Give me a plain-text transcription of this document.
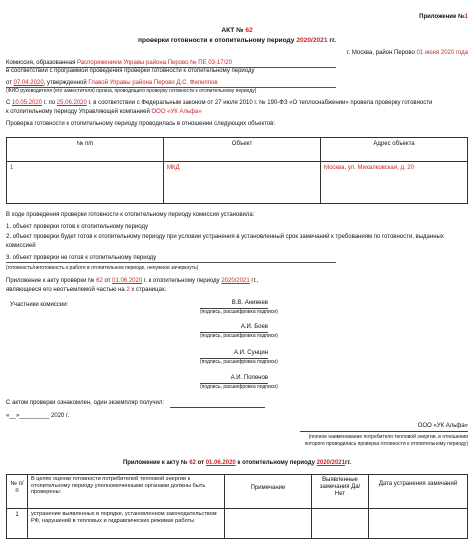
Приложение №1
АКТ № 62
проверки готовности к отопительному периоду 2020/2021 гг.
г. Москва, район Перово 01 июня 2020 года
Комиссия, образованная Распоряжением Управы района Перово № ПЕ 03-17/20
в соответствии с программой проведения проверки готовности к отопительному периоду
от 07.04.2020, утвержденной Главой Управы района Перово Д.С. Филиппов
(ФИО руководителя (его заместителя) органа, проводящего проверку готовности к отопительному периоду)
С 10.05.2020 г. по 25.06.2020 г. в соответствии с Федеральным законом от 27 июля 2010 г. № 190-ФЗ «О теплоснабжении» провела проверку готовности
к отопительному периоду Управляющей компанией ООО «УК Альфа»
Проверка готовности к отопительному периоду проводилась в отношении следующих объектов:
№ п/п	Объект	Адрес объекта
1	МКД	Москва, ул. Михалковская, д. 20
В ходе проведения проверки готовности к отопительному периоду комиссия установила:
1. объект проверки готов к отопительному периоду
2. объект проверки будет готов к отопительному периоду при условии устранения в установленный срок замечаний к требованиям по готовности, выданных
комиссией
3. объект проверки не готов к отопительному периоду
(готовность/неготовность к работе в отопительном периоде, ненужное зачеркнуть)
Приложение к акту проверки № 62 от 01.06.2020 г. к отопительному периоду 2020/2021 гг.,
являющееся его неотъемлемой частью на 2 х страницах.
Участники комиссии:	В.В. Аникеев
(подпись, расшифровка подписи)
А.И. Боев
(подпись, расшифровка подписи)
А.И. Сунцин
(подпись, расшифровка подписи)
А.И. Попенов
(подпись, расшифровка подписи)
С актом проверки ознакомлен, один экземпляр получил:
«__»_________ 2020 г.
ООО «УК Альфа»
(полное наименование потребителя тепловой энергии, в отношении
которого проводилась проверка готовности к отопительному периоду)
Приложение к акту № 62 от 01.06.2020 к отопительному периоду 2020/2021гг.
№ п/п	В целях оценки готовности потребителей тепловой энергии к отопительному периоду уполномоченными органами должны быть проверены:	Примечание	Выявленные замечания Да/Нет	Дата устранения замечаний
1	устранение выявленных в порядке, установленном законодательством РФ, нарушений в тепловых и гидравлических режимах работы			
